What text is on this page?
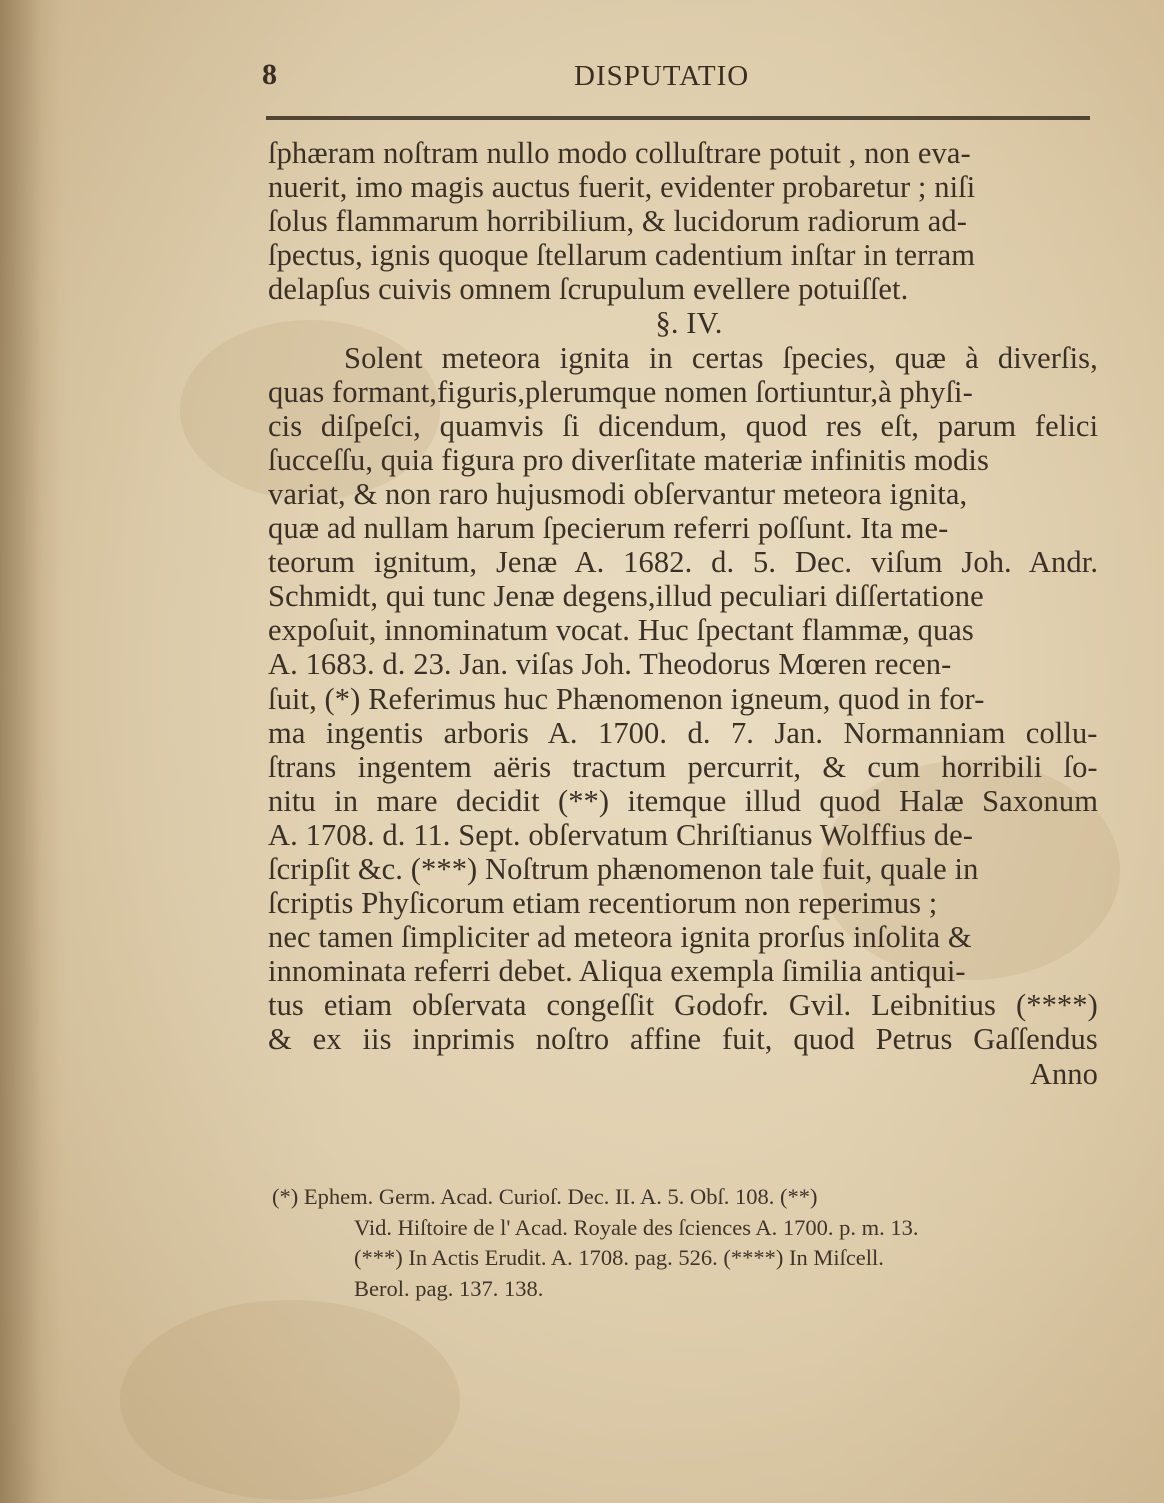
8	DISPUTATIO
ſphæram noſtram nullo modo colluſtrare potuit , non eva-
nuerit, imo magis auctus fuerit, evidenter probaretur ; niſi
ſolus flammarum horribilium, & lucidorum radiorum ad-
ſpectus, ignis quoque ſtellarum cadentium inſtar in terram
delapſus cuivis omnem ſcrupulum evellere potuiſſet.
§. IV.
Solent meteora ignita in certas ſpecies, quæ à diverſis,
quas formant,figuris,plerumque nomen ſortiuntur,à phyſi-
cis diſpeſci, quamvis ſi dicendum, quod res eſt, parum felici
ſucceſſu, quia figura pro diverſitate materiæ infinitis modis
variat, & non raro hujusmodi obſervantur meteora ignita,
quæ ad nullam harum ſpecierum referri poſſunt. Ita me-
teorum ignitum, Jenæ A. 1682. d. 5. Dec. viſum Joh. Andr.
Schmidt, qui tunc Jenæ degens,illud peculiari diſſertatione
expoſuit, innominatum vocat. Huc ſpectant flammæ, quas
A. 1683. d. 23. Jan. viſas Joh. Theodorus Mœren recen-
ſuit, (*) Referimus huc Phænomenon igneum, quod in for-
ma ingentis arboris A. 1700. d. 7. Jan. Normanniam collu-
ſtrans ingentem aëris tractum percurrit, & cum horribili ſo-
nitu in mare decidit (**) itemque illud quod Halæ Saxonum
A. 1708. d. 11. Sept. obſervatum Chriſtianus Wolffius de-
ſcripſit &c. (***) Noſtrum phænomenon tale fuit, quale in
ſcriptis Phyſicorum etiam recentiorum non reperimus ;
nec tamen ſimpliciter ad meteora ignita prorſus inſolita &
innominata referri debet. Aliqua exempla ſimilia antiqui-
tus etiam obſervata congeſſit Godofr. Gvil. Leibnitius (****)
& ex iis inprimis noſtro affine fuit, quod Petrus Gaſſendus
Anno
(*) Ephem. Germ. Acad. Curioſ. Dec. II. A. 5. Obſ. 108. (**)
Vid. Hiſtoire de l' Acad. Royale des ſciences A. 1700. p. m. 13.
(***) In Actis Erudit. A. 1708. pag. 526. (****) In Miſcell.
Berol. pag. 137. 138.
